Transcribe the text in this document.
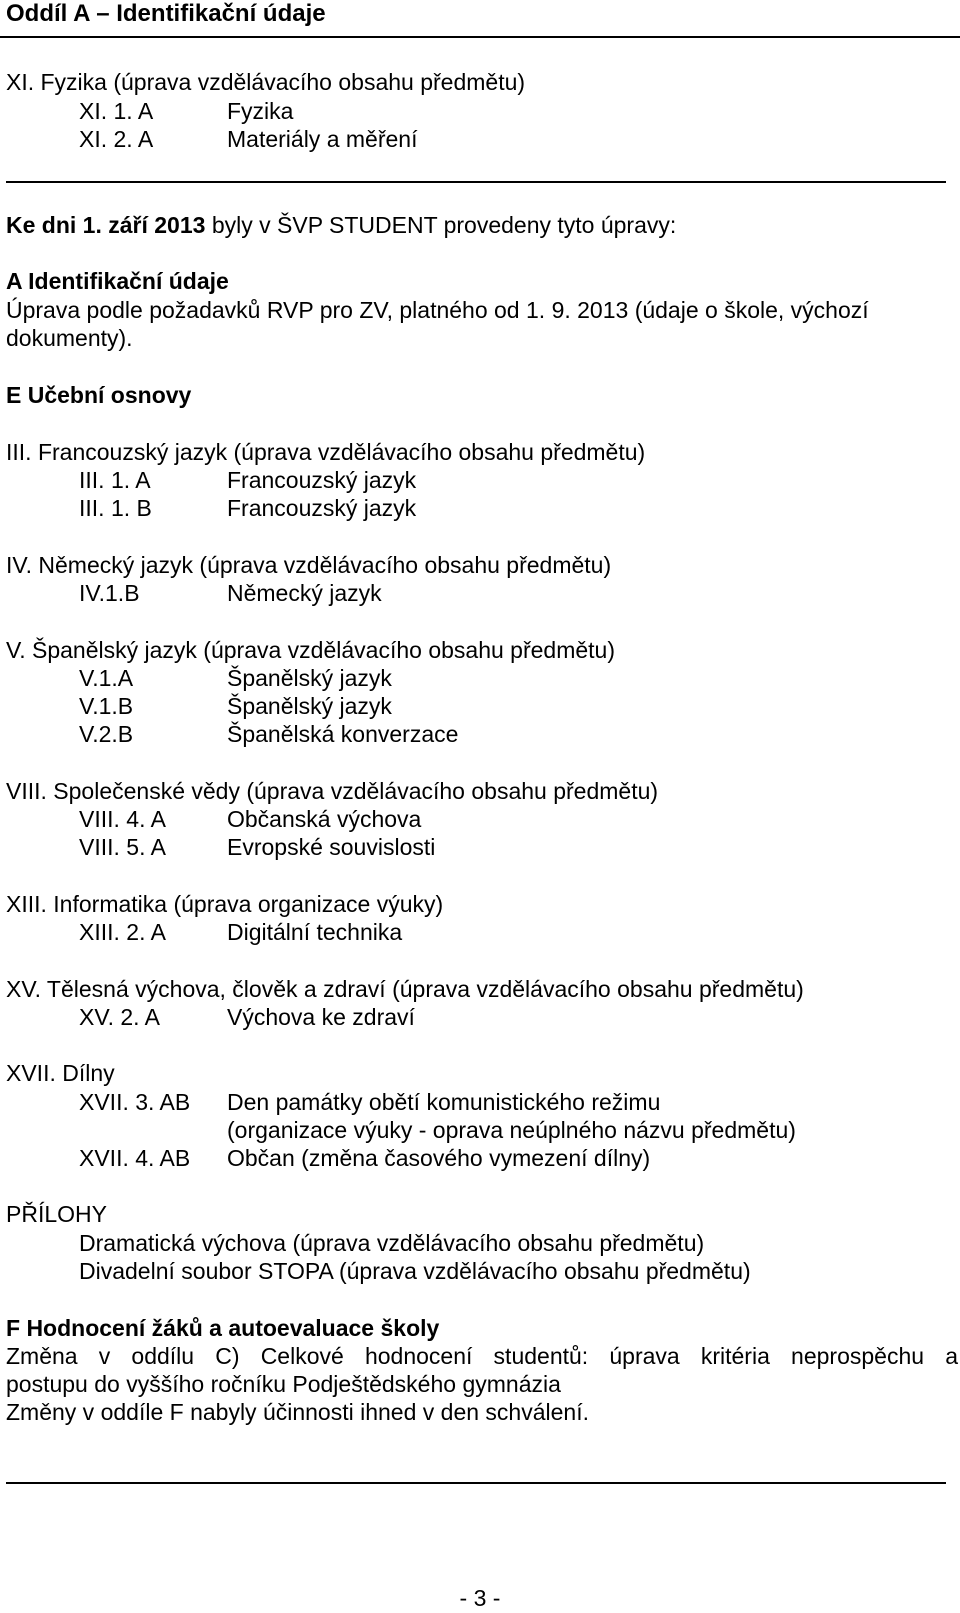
Oddíl A – Identifikační údaje
XI. Fyzika (úprava vzdělávacího obsahu předmětu)
XI. 1. A	Fyzika
XI. 2. A	Materiály a měření
Ke dni 1. září 2013 byly v ŠVP STUDENT provedeny tyto úpravy:
A Identifikační údaje
Úprava podle požadavků RVP pro ZV, platného od 1. 9. 2013 (údaje o škole, výchozí
dokumenty).
E Učební osnovy
III. Francouzský jazyk (úprava vzdělávacího obsahu předmětu)
III. 1. A	Francouzský jazyk
III. 1. B	Francouzský jazyk
IV. Německý jazyk (úprava vzdělávacího obsahu předmětu)
IV.1.B	Německý jazyk
V. Španělský jazyk (úprava vzdělávacího obsahu předmětu)
V.1.A	Španělský jazyk
V.1.B	Španělský jazyk
V.2.B	Španělská konverzace
VIII. Společenské vědy (úprava vzdělávacího obsahu předmětu)
VIII. 4. A	Občanská výchova
VIII. 5. A	Evropské souvislosti
XIII. Informatika (úprava organizace výuky)
XIII. 2. A	Digitální technika
XV. Tělesná výchova, člověk a zdraví (úprava vzdělávacího obsahu předmětu)
XV. 2. A	Výchova ke zdraví
XVII. Dílny
XVII. 3. AB Den památky obětí komunistického režimu
(organizace výuky - oprava neúplného názvu předmětu)
XVII. 4. AB Občan (změna časového vymezení dílny)
PŘÍLOHY
Dramatická výchova (úprava vzdělávacího obsahu předmětu)
Divadelní soubor STOPA (úprava vzdělávacího obsahu předmětu)
F Hodnocení žáků a autoevaluace školy
Změna v oddílu C) Celkové hodnocení studentů: úprava kritéria neprospěchu a
postupu do vyššího ročníku Podještědského gymnázia
Změny v oddíle F nabyly účinnosti ihned v den schválení.
- 3 -
